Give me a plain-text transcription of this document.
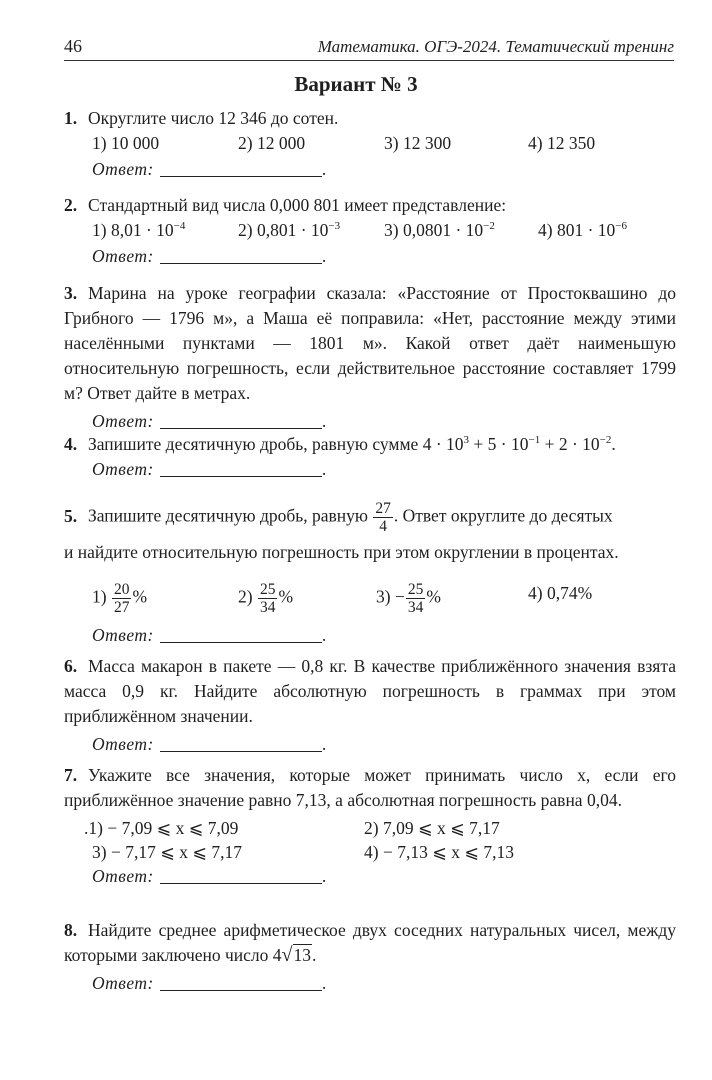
46	Математика. ОГЭ-2024. Тематический тренинг
Вариант № 3
1. Округлите число 12 346 до сотен.
1) 10 000	2) 12 000	3) 12 300	4) 12 350
Ответ:	.
2. Стандартный вид числа 0,000 801 имеет представление:
1) $8,01 \cdot 10^{-4}$	2) $0,801 \cdot 10^{-3}$	3) $0,0801 \cdot 10^{-2}$ 4) $801 \cdot 10^{-6}$
Ответ:	.
3. Марина на уроке географии сказала: «Расстояние от Простоквашино до Грибного — 1796 м», а Маша её поправила: «Нет, расстояние между этими населёнными пунктами — 1801 м». Какой ответ даёт наименьшую относительную погрешность, если действительное расстояние составляет 1799 м? Ответ дайте в метрах.
Ответ:	.
4. Запишите десятичную дробь, равную сумме $4 \cdot 10^3 + 5 \cdot 10^{-1} + 2 \cdot 10^{-2}$.
Ответ:	.
5. Запишите десятичную дробь, равную $\frac{27}{4}$ . Ответ округлите до десятых
и найдите относительную погрешность при этом округлении в процентах.
$1) \frac{20}{27}$ %	$2) \frac{25}{34}$ %	$3) - \frac{25}{34}$ %	4) 0,74%
Ответ:	.
6. Масса макарон в пакете — 0,8 кг. В качестве приближённого значения взята масса 0,9 кг. Найдите абсолютную погрешность в граммах при этом приближённом значении.
Ответ:	.
7. Укажите все значения, которые может принимать число x, если его приближённое значение равно 7,13, а абсолютная погрешность равна 0,04.
.1) − 7,09 ⩽ x ⩽ 7,09	2) 7,09 ⩽ x ⩽ 7,17
3) − 7,17 ⩽ x ⩽ 7,17	4) − 7,13 ⩽ x ⩽ 7,13
Ответ:	.
8. Найдите среднее арифметическое двух соседних натуральных чисел, между которыми заключено число 4√13.
Ответ:	.
